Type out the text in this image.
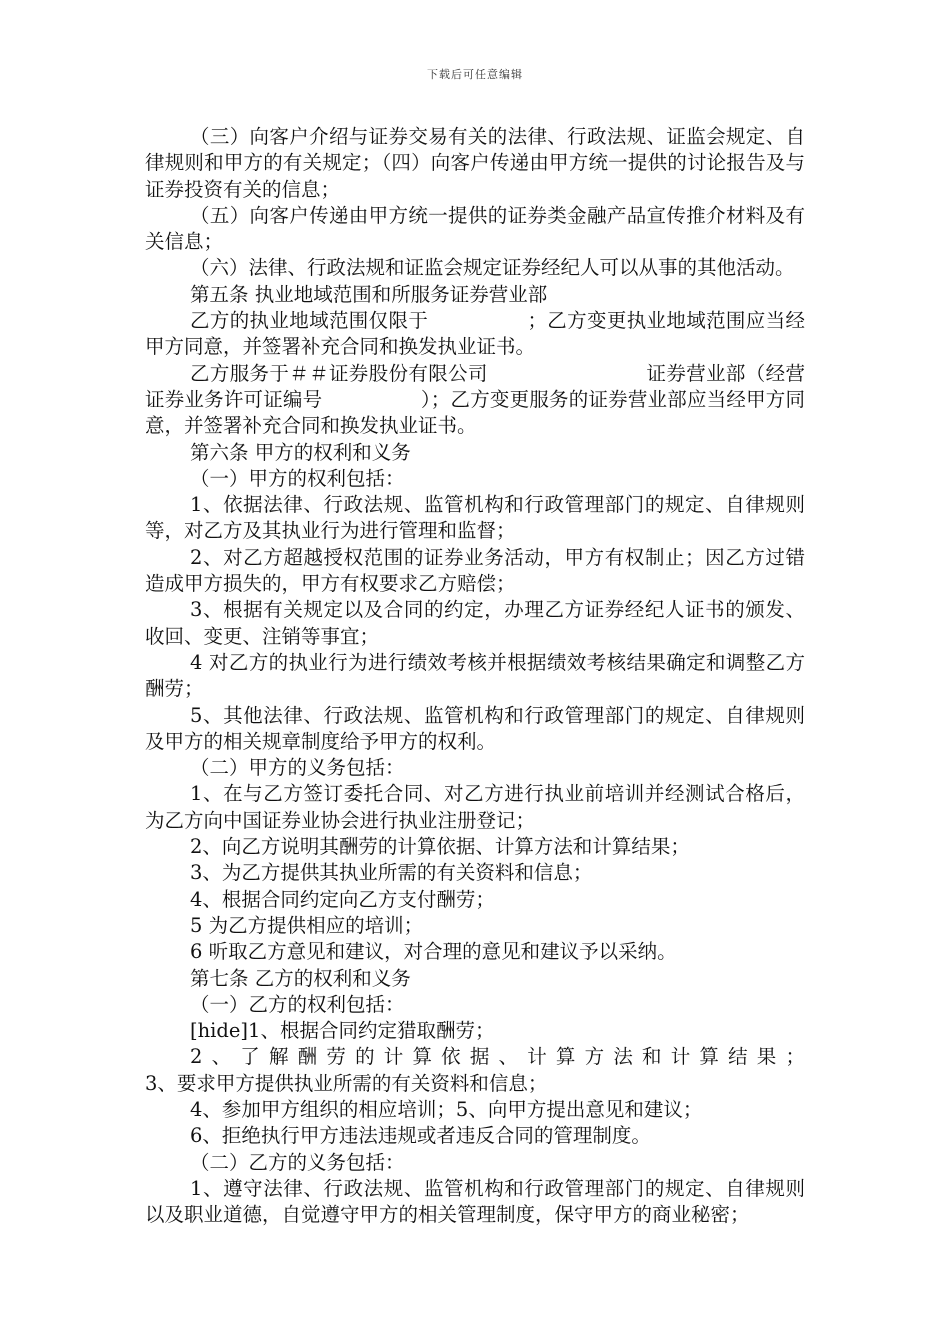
下载后可任意编辑

（三）向客户介绍与证券交易有关的法律、行政法规、证监会规定、自律规则和甲方的有关规定；（四）向客户传递由甲方统一提供的讨论报告及与证券投资有关的信息；

（五）向客户传递由甲方统一提供的证券类金融产品宣传推介材料及有关信息；

（六）法律、行政法规和证监会规定证券经纪人可以从事的其他活动。

第五条 执业地域范围和所服务证券营业部

乙方的执业地域范围仅限于　　　　　；乙方变更执业地域范围应当经甲方同意，并签署补充合同和换发执业证书。

乙方服务于＃＃证券股份有限公司　　　　　　　　证券营业部（经营证券业务许可证编号　　　　　）；乙方变更服务的证券营业部应当经甲方同意，并签署补充合同和换发执业证书。

第六条 甲方的权利和义务

（一）甲方的权利包括：

1、依据法律、行政法规、监管机构和行政管理部门的规定、自律规则等，对乙方及其执业行为进行管理和监督；

2、对乙方超越授权范围的证券业务活动，甲方有权制止；因乙方过错造成甲方损失的，甲方有权要求乙方赔偿；

3、根据有关规定以及合同的约定，办理乙方证券经纪人证书的颁发、收回、变更、注销等事宜；

4 对乙方的执业行为进行绩效考核并根据绩效考核结果确定和调整乙方酬劳；

5、其他法律、行政法规、监管机构和行政管理部门的规定、自律规则及甲方的相关规章制度给予甲方的权利。

（二）甲方的义务包括：

1、在与乙方签订委托合同、对乙方进行执业前培训并经测试合格后，为乙方向中国证券业协会进行执业注册登记；

2、向乙方说明其酬劳的计算依据、计算方法和计算结果；

3、为乙方提供其执业所需的有关资料和信息；

4、根据合同约定向乙方支付酬劳；

5 为乙方提供相应的培训；

6 听取乙方意见和建议，对合理的意见和建议予以采纳。

第七条 乙方的权利和义务

（一）乙方的权利包括：

[hide]1、根据合同约定猎取酬劳；

2、了解酬劳的计算依据、计算方法和计算结果；

3、要求甲方提供执业所需的有关资料和信息；

4、参加甲方组织的相应培训；5、向甲方提出意见和建议；

6、拒绝执行甲方违法违规或者违反合同的管理制度。

（二）乙方的义务包括：

1、遵守法律、行政法规、监管机构和行政管理部门的规定、自律规则以及职业道德，自觉遵守甲方的相关管理制度，保守甲方的商业秘密；
